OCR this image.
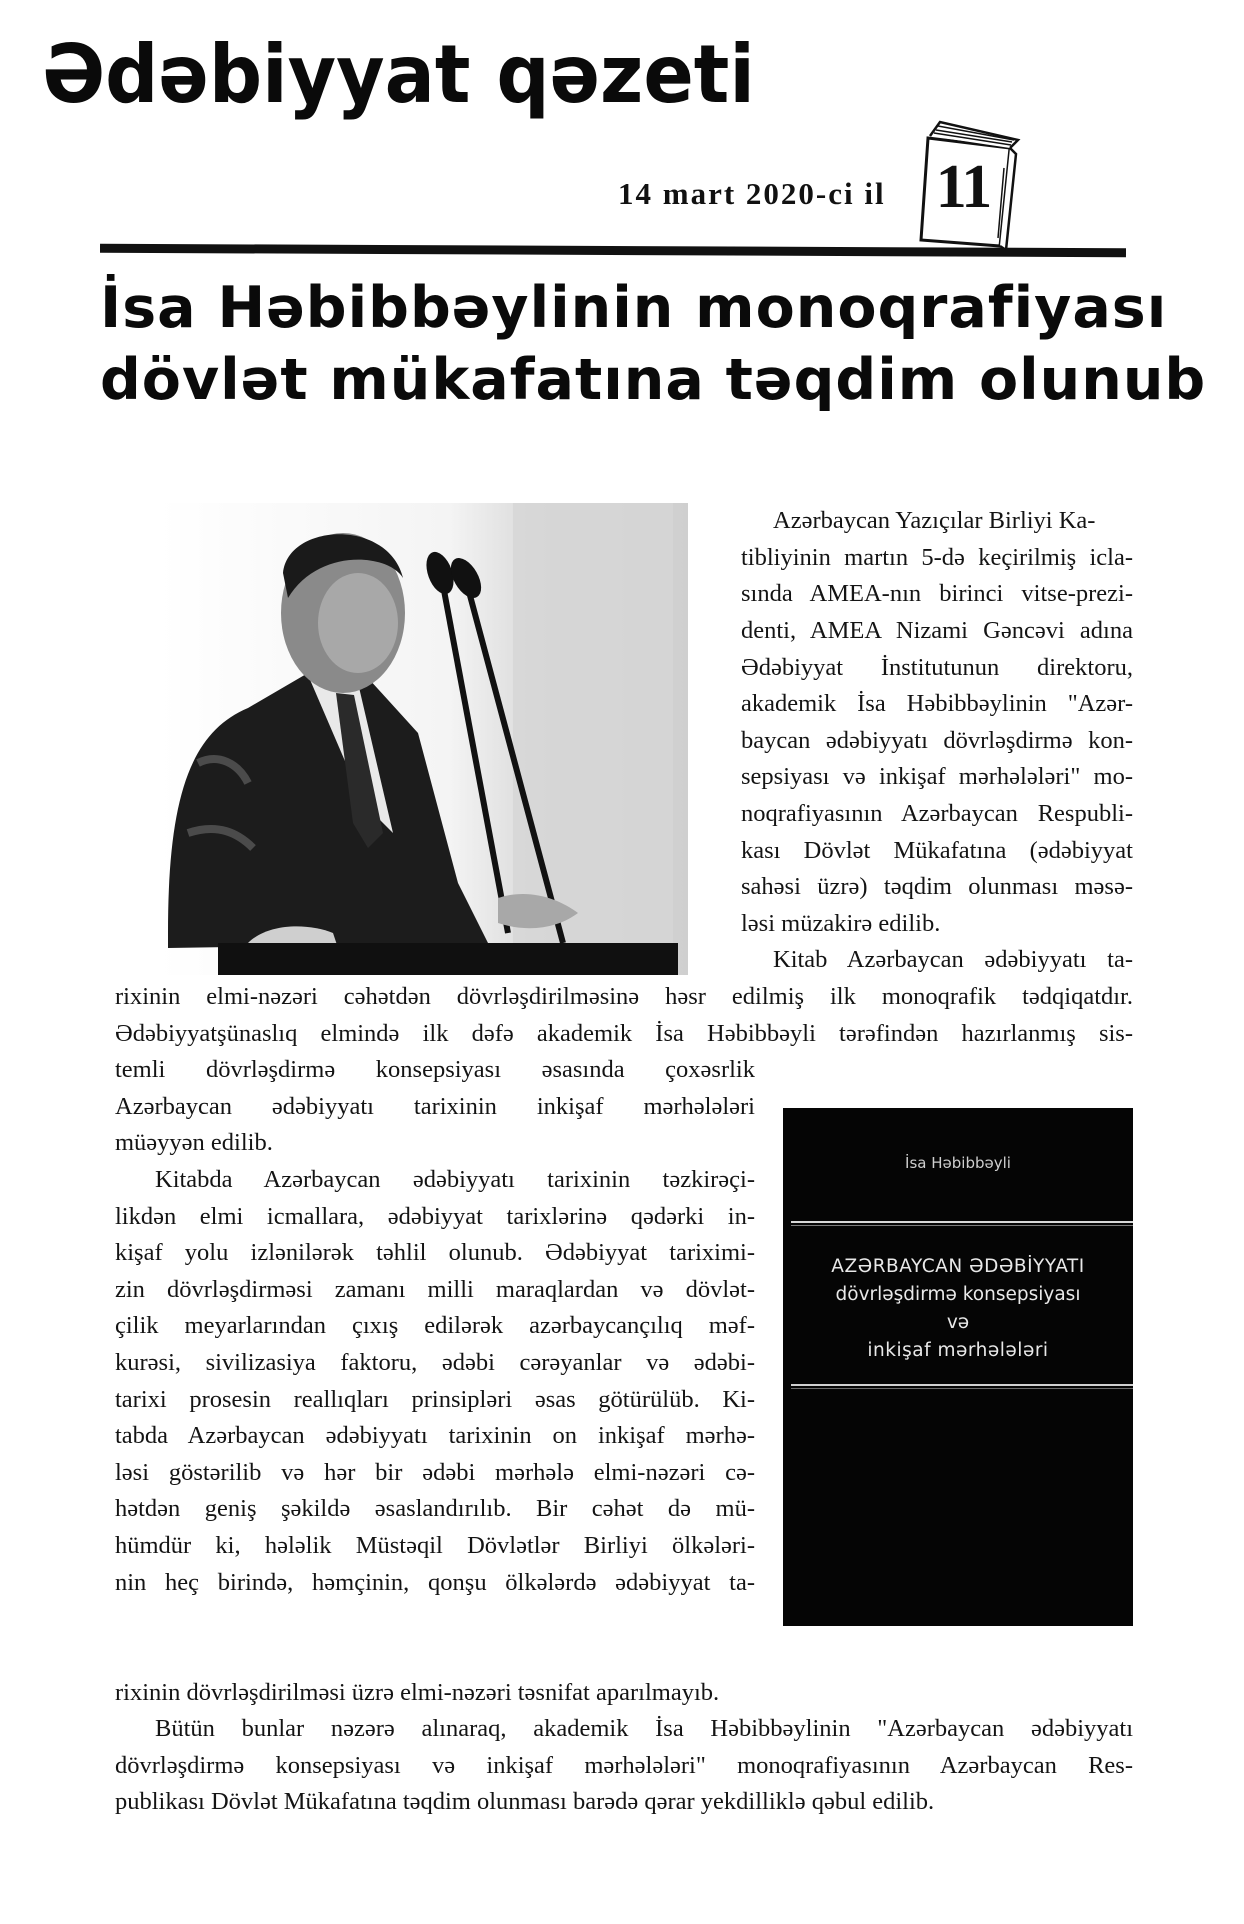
Ədəbiyyat qəzeti
14 mart 2020-ci il 11
İsa Həbibbəylinin monoqrafiyası
dövlət mükafatına təqdim olunub
Azərbaycan Yazıçılar Birliyi Ka-
tibliyinin martın 5-də keçirilmiş icla-
sında AMEA-nın birinci vitse-prezi-
denti, AMEA Nizami Gəncəvi adına
Ədəbiyyat İnstitutunun direktoru,
akademik İsa Həbibbəylinin "Azər-
baycan ədəbiyyatı dövrləşdirmə kon-
sepsiyası və inkişaf mərhələləri" mo-
noqrafiyasının Azərbaycan Respubli-
kası Dövlət Mükafatına (ədəbiyyat
sahəsi üzrə) təqdim olunması məsə-
ləsi müzakirə edilib.
Kitab Azərbaycan ədəbiyyatı ta-
rixinin elmi-nəzəri cəhətdən dövrləşdirilməsinə həsr edilmiş ilk monoqrafik tədqiqatdır.
Ədəbiyyatşünaslıq elmində ilk dəfə akademik İsa Həbibbəyli tərəfindən hazırlanmış sis-
temli dövrləşdirmə konsepsiyası əsasında çoxəsrlik
Azərbaycan ədəbiyyatı tarixinin inkişaf mərhələləri
müəyyən edilib.
Kitabda Azərbaycan ədəbiyyatı tarixinin təzkirəçi-
likdən elmi icmallara, ədəbiyyat tarixlərinə qədərki in-
kişaf yolu izlənilərək təhlil olunub. Ədəbiyyat tariximi-
zin dövrləşdirməsi zamanı milli maraqlardan və dövlət-
çilik meyarlarından çıxış edilərək azərbaycançılıq məf-
kurəsi, sivilizasiya faktoru, ədəbi cərəyanlar və ədəbi-
tarixi prosesin reallıqları prinsipləri əsas götürülüb. Ki-
tabda Azərbaycan ədəbiyyatı tarixinin on inkişaf mərhə-
ləsi göstərilib və hər bir ədəbi mərhələ elmi-nəzəri cə-
hətdən geniş şəkildə əsaslandırılıb. Bir cəhət də mü-
hümdür ki, hələlik Müstəqil Dövlətlər Birliyi ölkələri-
nin heç birində, həmçinin, qonşu ölkələrdə ədəbiyyat ta-
İsa Həbibbəyli
AZƏRBAYCAN ƏDƏBİYYATI
dövrləşdirmə konsepsiyası
və
inkişaf mərhələləri
rixinin dövrləşdirilməsi üzrə elmi-nəzəri təsnifat aparılmayıb.
Bütün bunlar nəzərə alınaraq, akademik İsa Həbibbəylinin "Azərbaycan ədəbiyyatı
dövrləşdirmə konsepsiyası və inkişaf mərhələləri" monoqrafiyasının Azərbaycan Res-
publikası Dövlət Mükafatına təqdim olunması barədə qərar yekdilliklə qəbul edilib.
